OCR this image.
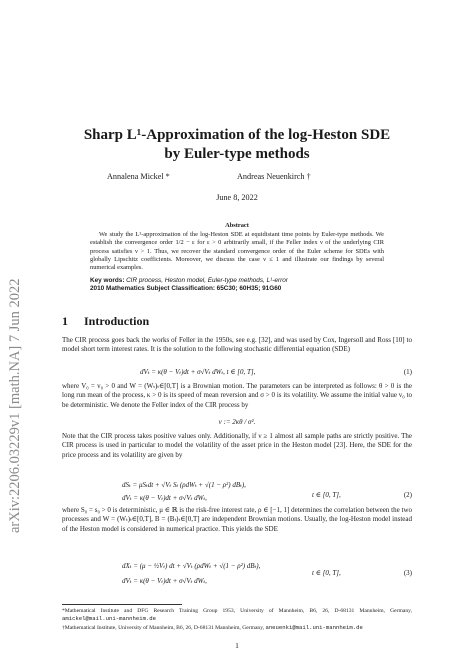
arXiv:2206.03229v1 [math.NA] 7 Jun 2022
Sharp L¹-Approximation of the log-Heston SDE
by Euler-type methods
Annalena Mickel *	Andreas Neuenkirch †
June 8, 2022
Abstract
We study the L¹-approximation of the log-Heston SDE at equidistant time points by Euler-type methods. We establish the convergence order 1/2 − ε for ε > 0 arbitrarily small, if the Feller index ν of the underlying CIR process satisfies ν > 1. Thus, we recover the standard convergence order of the Euler scheme for SDEs with globally Lipschitz coefficients. Moreover, we discuss the case ν ≤ 1 and illustrate our findings by several numerical examples.
Key words: CIR process, Heston model, Euler-type methods, L¹-error
2010 Mathematics Subject Classification: 65C30; 60H35; 91G60
1 Introduction
The CIR process goes back the works of Feller in the 1950s, see e.g. [32], and was used by Cox, Ingersoll and Ross [10] to model short term interest rates. It is the solution to the following stochastic differential equation (SDE)
dVₜ = κ(θ − Vₜ)dt + σ√Vₜ dWₜ, t ∈ [0, T],	(1)
where V₀ = v₀ > 0 and W = (Wₜ)ₜ∈[0,T] is a Brownian motion. The parameters can be interpreted as follows: θ > 0 is the long run mean of the process, κ > 0 is its speed of mean reversion and σ > 0 is its volatility. We assume the initial value v₀ to be deterministic. We denote the Feller index of the CIR process by
ν := 2κθ / σ².
Note that the CIR process takes positive values only. Additionally, if ν ≥ 1 almost all sample paths are strictly positive. The CIR process is used in particular to model the volatility of the asset price in the Heston model [23]. Here, the SDE for the price process and its volatility are given by
dSₜ = μSₜdt + √Vₜ Sₜ (ρdWₜ + √(1 − ρ²) dBₜ),
dVₜ = κ(θ − Vₜ)dt + σ√Vₜ dWₜ,	t ∈ [0, T],	(2)
where S₀ = s₀ > 0 is deterministic, μ ∈ ℝ is the risk-free interest rate, ρ ∈ [−1, 1] determines the correlation between the two processes and W = (Wₜ)ₜ∈[0,T], B = (Bₜ)ₜ∈[0,T] are independent Brownian motions. Usually, the log-Heston model instead of the Heston model is considered in numerical practice. This yields the SDE
dXₜ = (μ − ½Vₜ) dt + √Vₜ (ρdWₜ + √(1 − ρ²) dBₜ),
dVₜ = κ(θ − Vₜ)dt + σ√Vₜ dWₜ,
t ∈ [0, T],	(3)
*Mathematical Institute and DFG Research Training Group 1953, University of Mannheim, B6, 26, D-68131 Mannheim, Germany, amickel@mail.uni-mannheim.de
†Mathematical Institute, University of Mannheim, B6, 26, D-68131 Mannheim, Germany, aneuenki@mail.uni-mannheim.de
1
